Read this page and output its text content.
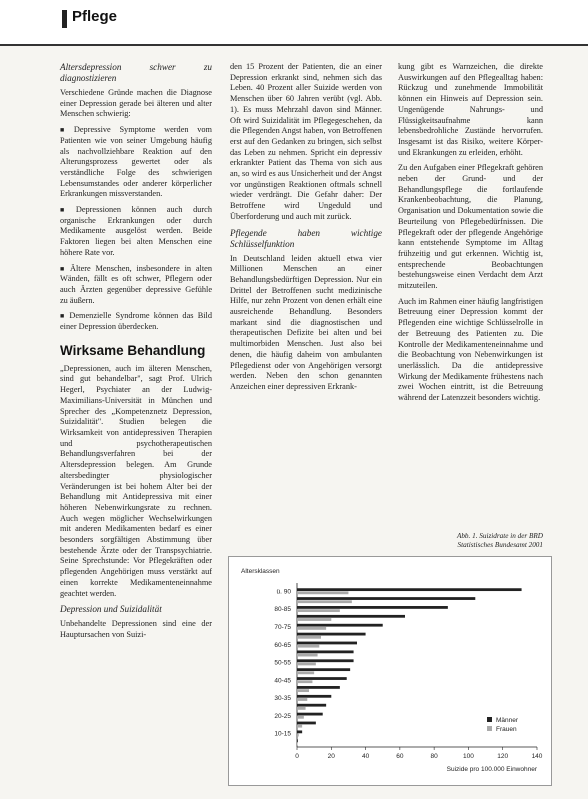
Pflege
Altersdepression schwer zu diagnostizieren

Verschiedene Gründe machen die Diagnose einer Depression gerade bei älteren und alter Menschen schwierig:

■ Depressive Symptome werden vom Patienten wie von seiner Umgebung häufig als nachvollziehbare Reaktion auf den Alterungsprozess gewertet oder als verständliche Folge des schwierigen Lebensumstandes oder anderer körperlicher Erkrankungen missverstanden.

■ Depressionen können auch durch organische Erkrankungen oder durch Medikamente ausgelöst werden. Beide Faktoren liegen bei alten Menschen eine höhere Rate vor.

■ Ältere Menschen, insbesondere in alten Wänden, fällt es oft schwer, Pflegern oder auch Ärzten gegenüber depressive Gefühle zu äußern.

■ Demenzielle Syndrome können das Bild einer Depression überdecken.

Wirksame Behandlung

„Depressionen, auch im älteren Menschen, sind gut behandelbar", sagt Prof. Ulrich Hegerl, Psychiater an der Ludwig-Maximilians-Universität in München und Sprecher des „Kompetenznetz Depression, Suizidalität". Studien belegen die Wirksamkeit von antidepressiven Therapien und psychotherapeutischen Behandlungsverfahren bei der Altersdepression belegen. Am Grunde altersbedingter physiologischer Veränderungen ist bei hohem Alter bei der Behandlung mit Antidepressiva mit einer höheren Nebenwirkungsrate zu rechnen. Auch wegen möglicher Wechselwirkungen mit anderen Medikamenten bedarf es einer besonders sorgfältigen Abstimmung über bestehende Ärzte oder der Transpsychiatrie. Seine Sprechstunde: Vor Pflegekräften oder pflegenden Angehörigen muss verstärkt auf einen korrekte Medikamenteneinnahme geachtet werden.

Depression und Suizidalität

Unbehandelte Depressionen sind eine der Hauptursachen von Suizi-

den 15 Prozent der Patienten, die an einer Depression erkrankt sind, nehmen sich das Leben. 40 Prozent aller Suizide werden von Menschen über 60 Jahren verübt (vgl. Abb. 1). Es muss Mehrzahl davon sind Männer. Oft wird Suizidalität im Pflegegeschehen, da die Pflegenden Angst haben, von Betroffenen erst auf den Gedanken zu bringen, sich selbst das Leben zu nehmen. Spricht ein depressiv erkrankter Patient das Thema von sich aus an, so wird es aus Unsicherheit und der Angst vor ungünstigen Reaktionen oftmals schnell wieder verdrängt. Die Gefahr daher: Der Betroffene wird Ungeduld und Überforderung und auch mit zurück.

Pflegende haben wichtige Schlüsselfunktion

In Deutschland leiden aktuell etwa vier Millionen Menschen an einer Behandlungsbedürftigen Depression. Nur ein Drittel der Betroffenen sucht medizinische Hilfe, nur zehn Prozent von denen erhält eine ausreichende Behandlung. Besonders markant sind die diagnostischen und therapeutischen Defizite bei alten und bei multimorbiden Menschen. Just also bei denen, die häufig daheim von ambulanten Pflegedienst oder von Angehörigen versorgt werden. Neben den schon genannten Anzeichen einer depressiven Erkrank-

kung gibt es Warnzeichen, die direkte Auswirkungen auf den Pflegealltag haben: Rückzug und zunehmende Immobilität können ein Hinweis auf Depression sein. Ungenügende Nahrungs- und Flüssigkeitsaufnahme kann lebensbedrohliche Zustände hervorrufen. Insgesamt ist das Risiko, weitere Körper- und Ekrankungen zu erleiden, erhöht.

Zu den Aufgaben einer Pflegekraft gehören neben der Grund- und der Behandlungspflege die fortlaufende Krankenbeobachtung, die Planung, Organisation und Dokumentation sowie die Beurteilung von Pflegebedürfnissen. Die Pflegekraft oder der pflegende Angehörige kann entstehende Symptome im Alltag frühzeitig und gut erkennen. Wichtig ist, entsprechende Beobachtungen bestehungsweise einen Verdacht dem Arzt mitzuteilen.

Auch im Rahmen einer häufig langfristigen Betreuung einer Depression kommt der Pflegenden eine wichtige Schlüsselrolle in der Betreuung des Patienten zu. Die Kontrolle der Medikamenteneinnahme und die Beobachtung von Nebenwirkungen ist unerlässlich. Da die antidepressive Wirkung der Medikamente frühestens nach zwei Wochen eintritt, ist die Betreuung während der Latenzzeit besonders wichtig.

Abb. 1. Suizidrate in der BRD
Statistisches Bundesamt 2001
Altersklassen
0	20	40	60	80	100	120	140
ü. 90
80-85
70-75
60-65
50-55
40-45
30-35
20-25
10-15
Suizide pro 100.000 Einwohner
Männer
Frauen
